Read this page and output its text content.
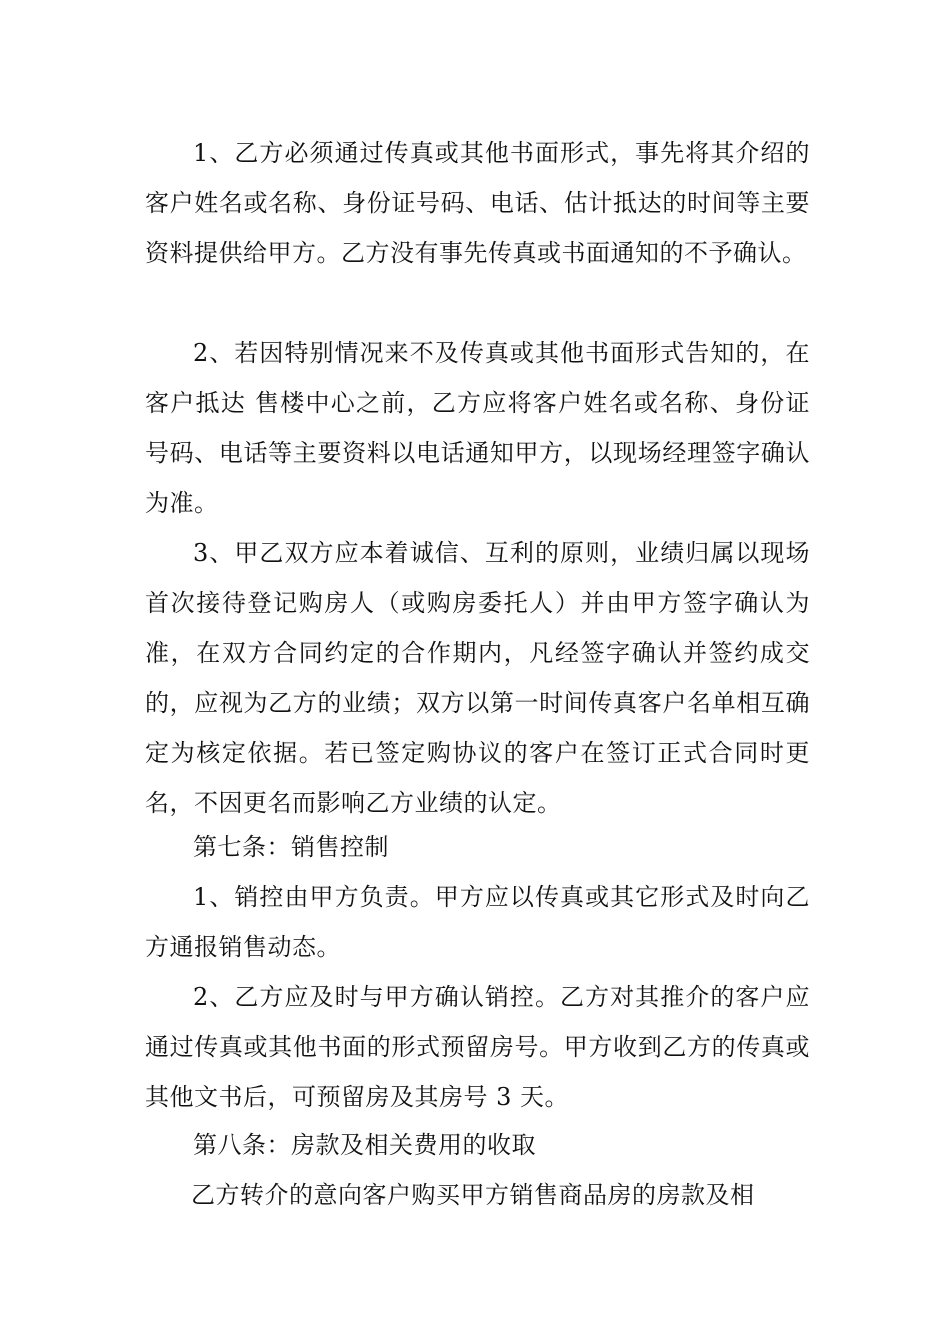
1、乙方必须通过传真或其他书面形式，事先将其介绍的客户姓名或名称、身份证号码、电话、估计抵达的时间等主要资料提供给甲方。乙方没有事先传真或书面通知的不予确认。

2、若因特别情况来不及传真或其他书面形式告知的，在客户抵达 售楼中心之前，乙方应将客户姓名或名称、身份证号码、电话等主要资料以电话通知甲方，以现场经理签字确认为准。

3、甲乙双方应本着诚信、互利的原则，业绩归属以现场首次接待登记购房人（或购房委托人）并由甲方签字确认为准，在双方合同约定的合作期内，凡经签字确认并签约成交的，应视为乙方的业绩；双方以第一时间传真客户名单相互确定为核定依据。若已签定购协议的客户在签订正式合同时更名，不因更名而影响乙方业绩的认定。

第七条：销售控制

1、销控由甲方负责。甲方应以传真或其它形式及时向乙方通报销售动态。

2、乙方应及时与甲方确认销控。乙方对其推介的客户应通过传真或其他书面的形式预留房号。甲方收到乙方的传真或其他文书后，可预留房及其房号 3 天。

第八条：房款及相关费用的收取

乙方转介的意向客户购买甲方销售商品房的房款及相
